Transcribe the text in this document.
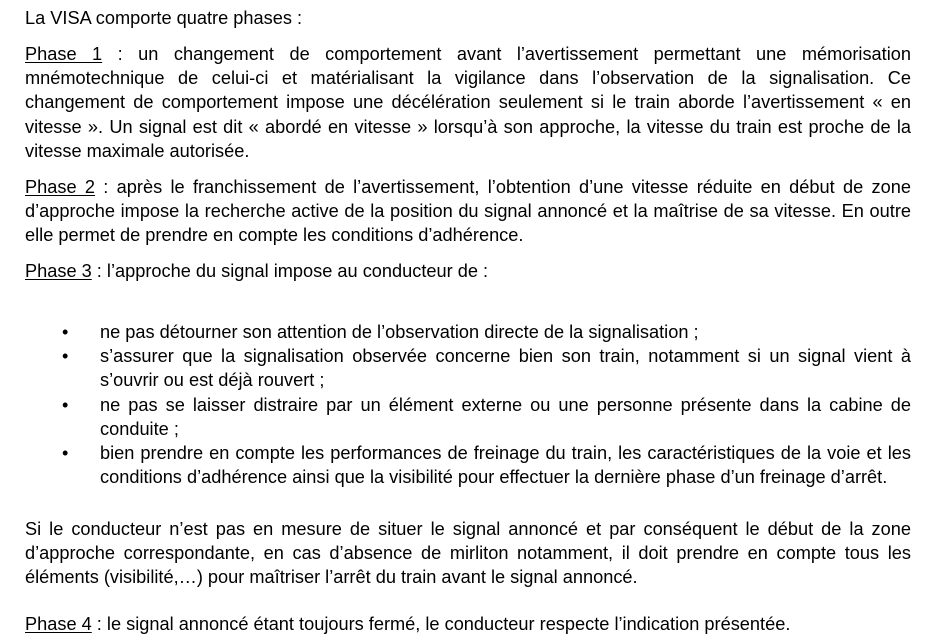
La VISA comporte quatre phases :

Phase 1 : un changement de comportement avant l’avertissement permettant une mémorisation mnémotechnique de celui-ci et matérialisant la vigilance dans l’observation de la signalisation. Ce changement de comportement impose une décélération seulement si le train aborde l’avertissement « en vitesse ». Un signal est dit « abordé en vitesse » lorsqu’à son approche, la vitesse du train est proche de la vitesse maximale autorisée.

Phase 2 : après le franchissement de l’avertissement, l’obtention d’une vitesse réduite en début de zone d’approche impose la recherche active de la position du signal annoncé et la maîtrise de sa vitesse. En outre elle permet de prendre en compte les conditions d’adhérence.

Phase 3 : l’approche du signal impose au conducteur de :

• ne pas détourner son attention de l’observation directe de la signalisation ;
• s’assurer que la signalisation observée concerne bien son train, notamment si un signal vient à s’ouvrir ou est déjà rouvert ;
• ne pas se laisser distraire par un élément externe ou une personne présente dans la cabine de conduite ;
• bien prendre en compte les performances de freinage du train, les caractéristiques de la voie et les conditions d’adhérence ainsi que la visibilité pour effectuer la dernière phase d’un freinage d’arrêt.

Si le conducteur n’est pas en mesure de situer le signal annoncé et par conséquent le début de la zone d’approche correspondante, en cas d’absence de mirliton notamment, il doit prendre en compte tous les éléments (visibilité,…) pour maîtriser l’arrêt du train avant le signal annoncé.

Phase 4 : le signal annoncé étant toujours fermé, le conducteur respecte l’indication présentée.
